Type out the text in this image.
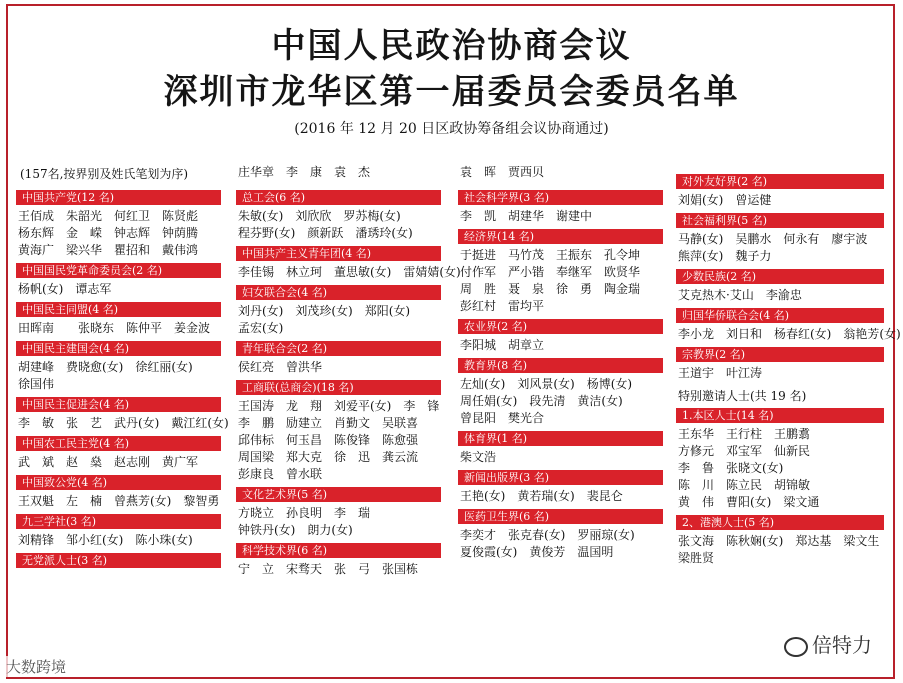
中国人民政治协商会议
深圳市龙华区第一届委员会委员名单
(2016 年 12 月 20 日区政协筹备组会议协商通过)
(157名,按界别及姓氏笔划为序)
中国共产党(12 名)
王佰成　朱韶光　何红卫　陈贤彪
杨东辉　金　嵘　钟志辉　钟荫腾
黄海广　梁兴华　瞿招和　戴伟鸿
中国国民党革命委员会(2 名)
杨帆(女)　谭志军
中国民主同盟(4 名)
田晖南　　张晓东　陈仲平　姜金波
中国民主建国会(4 名)
胡建峰　费晓愈(女)　徐红丽(女)
徐国伟
中国民主促进会(4 名)
李　敏　张　艺　武丹(女)　戴江红(女)
中国农工民主党(4 名)
武　斌　赵　燊　赵志刚　黄广军
中国致公党(4 名)
王双魁　左　楠　曾燕芳(女)　黎智勇
九三学社(3 名)
刘精锋　邹小红(女)　陈小珠(女)
无党派人士(3 名)
庄华章　李　康　袁　杰
总工会(6 名)
朱敏(女)　刘欣欣　罗苏梅(女)
程芬野(女)　颜新跃　潘琇玲(女)
中国共产主义青年团(4 名)
李佳锡　林立珂　董思敏(女)　雷婧婧(女)
妇女联合会(4 名)
刘丹(女)　刘茂珍(女)　郑阳(女)
孟宏(女)
青年联合会(2 名)
侯红亮　曾洪华
工商联(总商会)(18 名)
王国涛　龙　翔　刘爱平(女)　李　锋
李　鹏　励建立　肖勤文　吴联喜
邱伟标　何玉昌　陈俊锋　陈愈强
周国梁　郑大克　徐　迅　龚云流
彭康良　曾水联
文化艺术界(5 名)
方晓立　孙良明　李　瑞
钟铁丹(女)　朗力(女)
科学技术界(6 名)
宁　立　宋骛天　张　弓　张国栋
袁　晖　贾西贝
社会科学界(3 名)
李　凯　胡建华　谢建中
经济界(14 名)
于挺进　马竹茂　王振东　孔令坤
付作军　严小锴　奉继军　欧贤华
周　胜　聂　泉　徐　勇　陶金瑞
彭红村　雷均平
农业界(2 名)
李阳城　胡章立
教育界(8 名)
左灿(女)　刘风景(女)　杨博(女)
周任娟(女)　段先清　黄洁(女)
曾昆阳　樊光合
体育界(1 名)
柴文浩
新闻出版界(3 名)
王艳(女)　黄若瑞(女)　裴昆仑
医药卫生界(6 名)
李奕才　张克春(女)　罗丽琼(女)
夏俊霞(女)　黄俊芳　温国明
对外友好界(2 名)
刘娟(女)　曾运健
社会福利界(5 名)
马静(女)　吴鹏水　何永有　廖宇波
熊萍(女)　魏子力
少数民族(2 名)
艾克热木·艾山　李渝忠
归国华侨联合会(4 名)
李小龙　刘日和　杨春红(女)　翁艳芳(女)
宗教界(2 名)
王道宇　叶江涛
特别邀请人士(共 19 名)
1.本区人士(14 名)
王东华　王行柱　王鹏翥
方修元　邓宝军　仙新民
李　鲁　张晓文(女)
陈　川　陈立民　胡锦敏
黄　伟　曹阳(女)　梁文通
2、港澳人士(5 名)
张文海　陈秋娴(女)　郑达基　梁文生
梁胜贤
大数跨境
倍特力
